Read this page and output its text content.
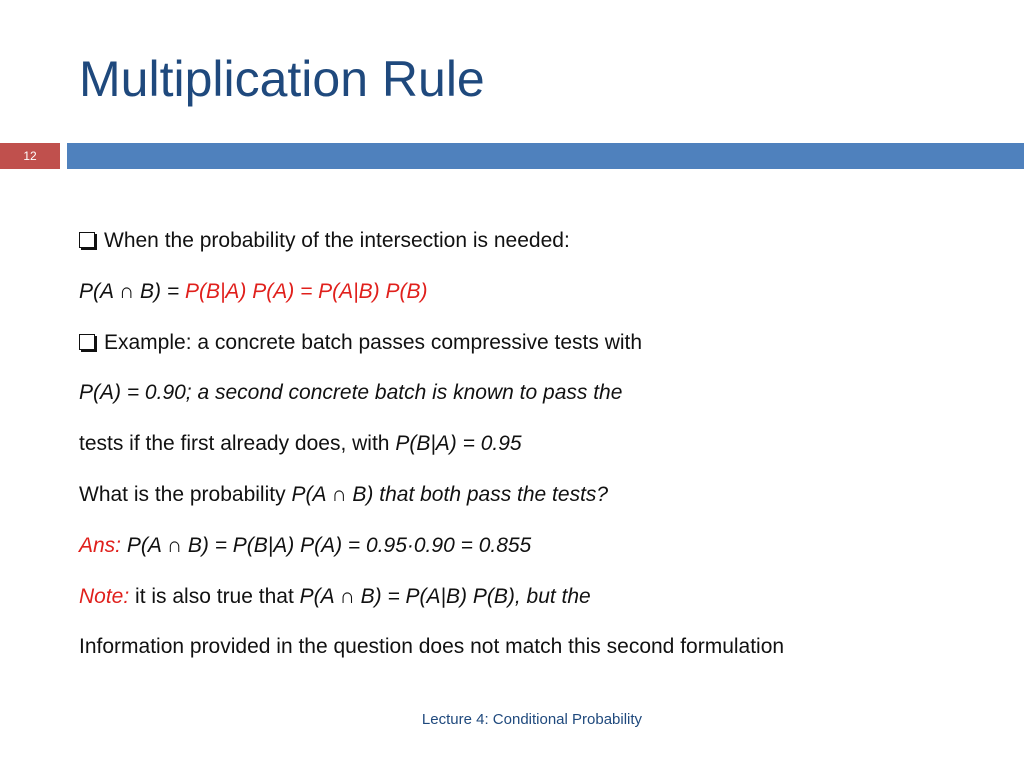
Multiplication Rule
12
When the probability of the intersection is needed:
P(A ∩ B) = P(B|A) P(A) = P(A|B) P(B)
Example: a concrete batch passes compressive tests with
P(A) = 0.90; a second concrete batch is known to pass the
tests if the first already does, with P(B|A) = 0.95
What is the probability P(A ∩ B) that both pass the tests?
Ans: P(A ∩ B) = P(B|A) P(A) = 0.95·0.90 = 0.855
Note: it is also true that P(A ∩ B) = P(A|B) P(B), but the
Information provided in the question does not match this second formulation
Lecture 4: Conditional Probability
